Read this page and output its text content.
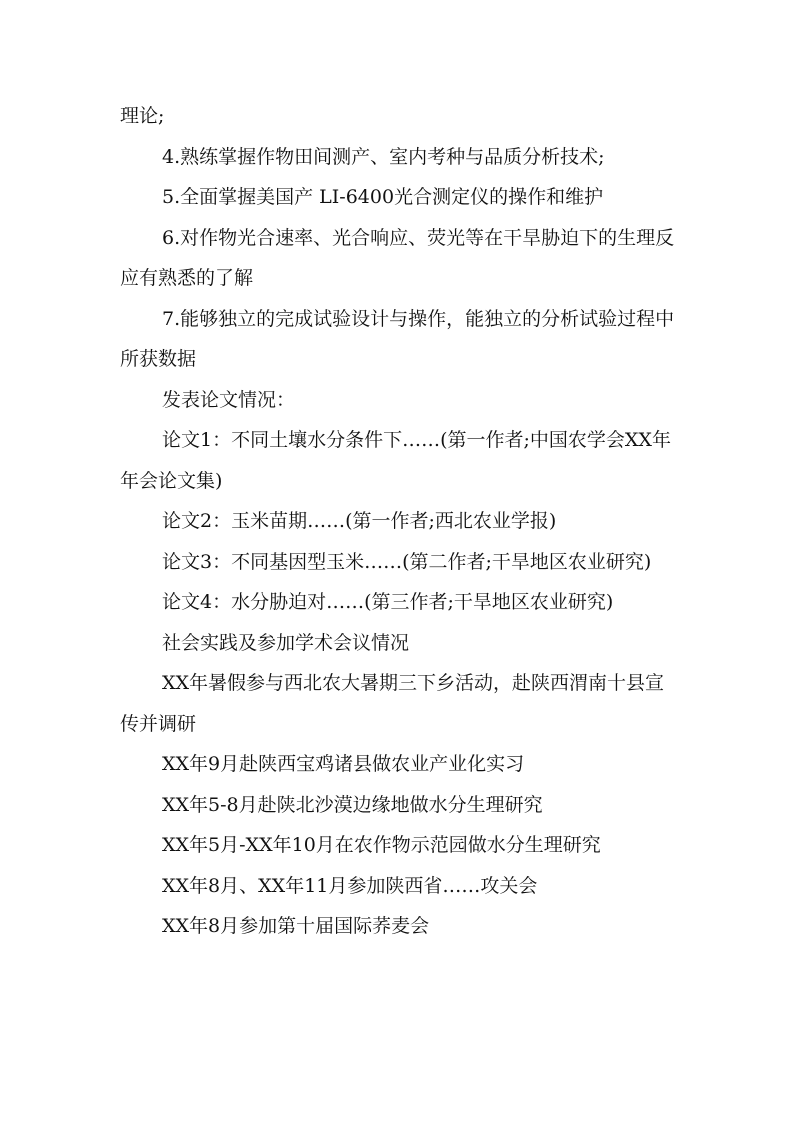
理论;

4.熟练掌握作物田间测产、室内考种与品质分析技术;

5.全面掌握美国产 LI-6400光合测定仪的操作和维护

6.对作物光合速率、光合响应、荧光等在干旱胁迫下的生理反应有熟悉的了解

7.能够独立的完成试验设计与操作，能独立的分析试验过程中所获数据

发表论文情况：

论文1：不同土壤水分条件下……(第一作者;中国农学会XX年年会论文集)

论文2：玉米苗期……(第一作者;西北农业学报)

论文3：不同基因型玉米……(第二作者;干旱地区农业研究)

论文4：水分胁迫对……(第三作者;干旱地区农业研究)

社会实践及参加学术会议情况

XX年暑假参与西北农大暑期三下乡活动，赴陕西渭南十县宣传并调研

XX年9月赴陕西宝鸡诸县做农业产业化实习

XX年5-8月赴陕北沙漠边缘地做水分生理研究

XX年5月-XX年10月在农作物示范园做水分生理研究

XX年8月、XX年11月参加陕西省……攻关会

XX年8月参加第十届国际荞麦会
